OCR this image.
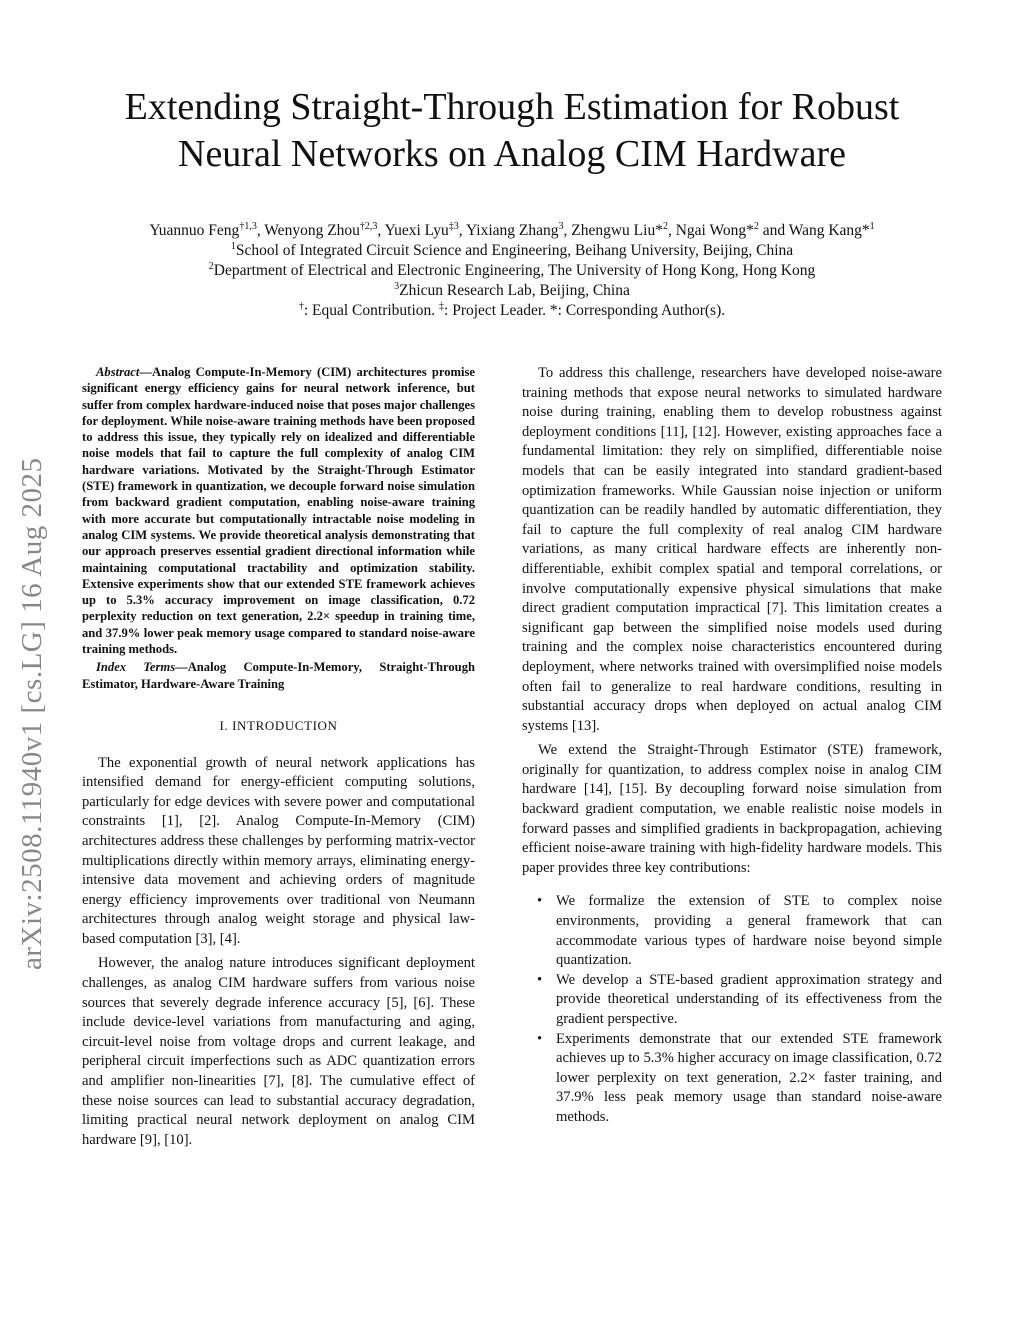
arXiv:2508.11940v1 [cs.LG] 16 Aug 2025
Extending Straight-Through Estimation for Robust
Neural Networks on Analog CIM Hardware
Yuannuo Feng$^{\dagger 1,3}$, Wenyong Zhou$^{\dagger 2,3}$, Yuexi Lyu$^{\ddagger 3}$, Yixiang Zhang$^3$, Zhengwu Liu*$^2$, Ngai Wong*$^2$ and Wang Kang*$^1$
$^1$School of Integrated Circuit Science and Engineering, Beihang University, Beijing, China
$^2$Department of Electrical and Electronic Engineering, The University of Hong Kong, Hong Kong
$^3$Zhicun Research Lab, Beijing, China
†: Equal Contribution. ‡: Project Leader. *: Corresponding Author(s).

Abstract—Analog Compute-In-Memory (CIM) architectures promise significant energy efficiency gains for neural network inference, but suffer from complex hardware-induced noise that poses major challenges for deployment. While noise-aware training methods have been proposed to address this issue, they typically rely on idealized and differentiable noise models that fail to capture the full complexity of analog CIM hardware variations. Motivated by the Straight-Through Estimator (STE) framework in quantization, we decouple forward noise simulation from backward gradient computation, enabling noise-aware training with more accurate but computationally intractable noise modeling in analog CIM systems. We provide theoretical analysis demonstrating that our approach preserves essential gradient directional information while maintaining computational tractability and optimization stability. Extensive experiments show that our extended STE framework achieves up to 5.3% accuracy improvement on image classification, 0.72 perplexity reduction on text generation, 2.2× speedup in training time, and 37.9% lower peak memory usage compared to standard noise-aware training methods.

Index Terms—Analog Compute-In-Memory, Straight-Through Estimator, Hardware-Aware Training

I. INTRODUCTION

The exponential growth of neural network applications has intensified demand for energy-efficient computing solutions, particularly for edge devices with severe power and computational constraints [1], [2]. Analog Compute-In-Memory (CIM) architectures address these challenges by performing matrix-vector multiplications directly within memory arrays, eliminating energy-intensive data movement and achieving orders of magnitude energy efficiency improvements over traditional von Neumann architectures through analog weight storage and physical law-based computation [3], [4].

However, the analog nature introduces significant deployment challenges, as analog CIM hardware suffers from various noise sources that severely degrade inference accuracy [5], [6]. These include device-level variations from manufacturing and aging, circuit-level noise from voltage drops and current leakage, and peripheral circuit imperfections such as ADC quantization errors and amplifier non-linearities [7], [8]. The cumulative effect of these noise sources can lead to substantial accuracy degradation, limiting practical neural network deployment on analog CIM hardware [9], [10].

To address this challenge, researchers have developed noise-aware training methods that expose neural networks to simulated hardware noise during training, enabling them to develop robustness against deployment conditions [11], [12]. However, existing approaches face a fundamental limitation: they rely on simplified, differentiable noise models that can be easily integrated into standard gradient-based optimization frameworks. While Gaussian noise injection or uniform quantization can be readily handled by automatic differentiation, they fail to capture the full complexity of real analog CIM hardware variations, as many critical hardware effects are inherently non-differentiable, exhibit complex spatial and temporal correlations, or involve computationally expensive physical simulations that make direct gradient computation impractical [7]. This limitation creates a significant gap between the simplified noise models used during training and the complex noise characteristics encountered during deployment, where networks trained with oversimplified noise models often fail to generalize to real hardware conditions, resulting in substantial accuracy drops when deployed on actual analog CIM systems [13].

We extend the Straight-Through Estimator (STE) framework, originally for quantization, to address complex noise in analog CIM hardware [14], [15]. By decoupling forward noise simulation from backward gradient computation, we enable realistic noise models in forward passes and simplified gradients in backpropagation, achieving efficient noise-aware training with high-fidelity hardware models. This paper provides three key contributions:

• We formalize the extension of STE to complex noise environments, providing a general framework that can accommodate various types of hardware noise beyond simple quantization.
• We develop a STE-based gradient approximation strategy and provide theoretical understanding of its effectiveness from the gradient perspective.
• Experiments demonstrate that our extended STE framework achieves up to 5.3% higher accuracy on image classification, 0.72 lower perplexity on text generation, 2.2× faster training, and 37.9% less peak memory usage than standard noise-aware methods.
